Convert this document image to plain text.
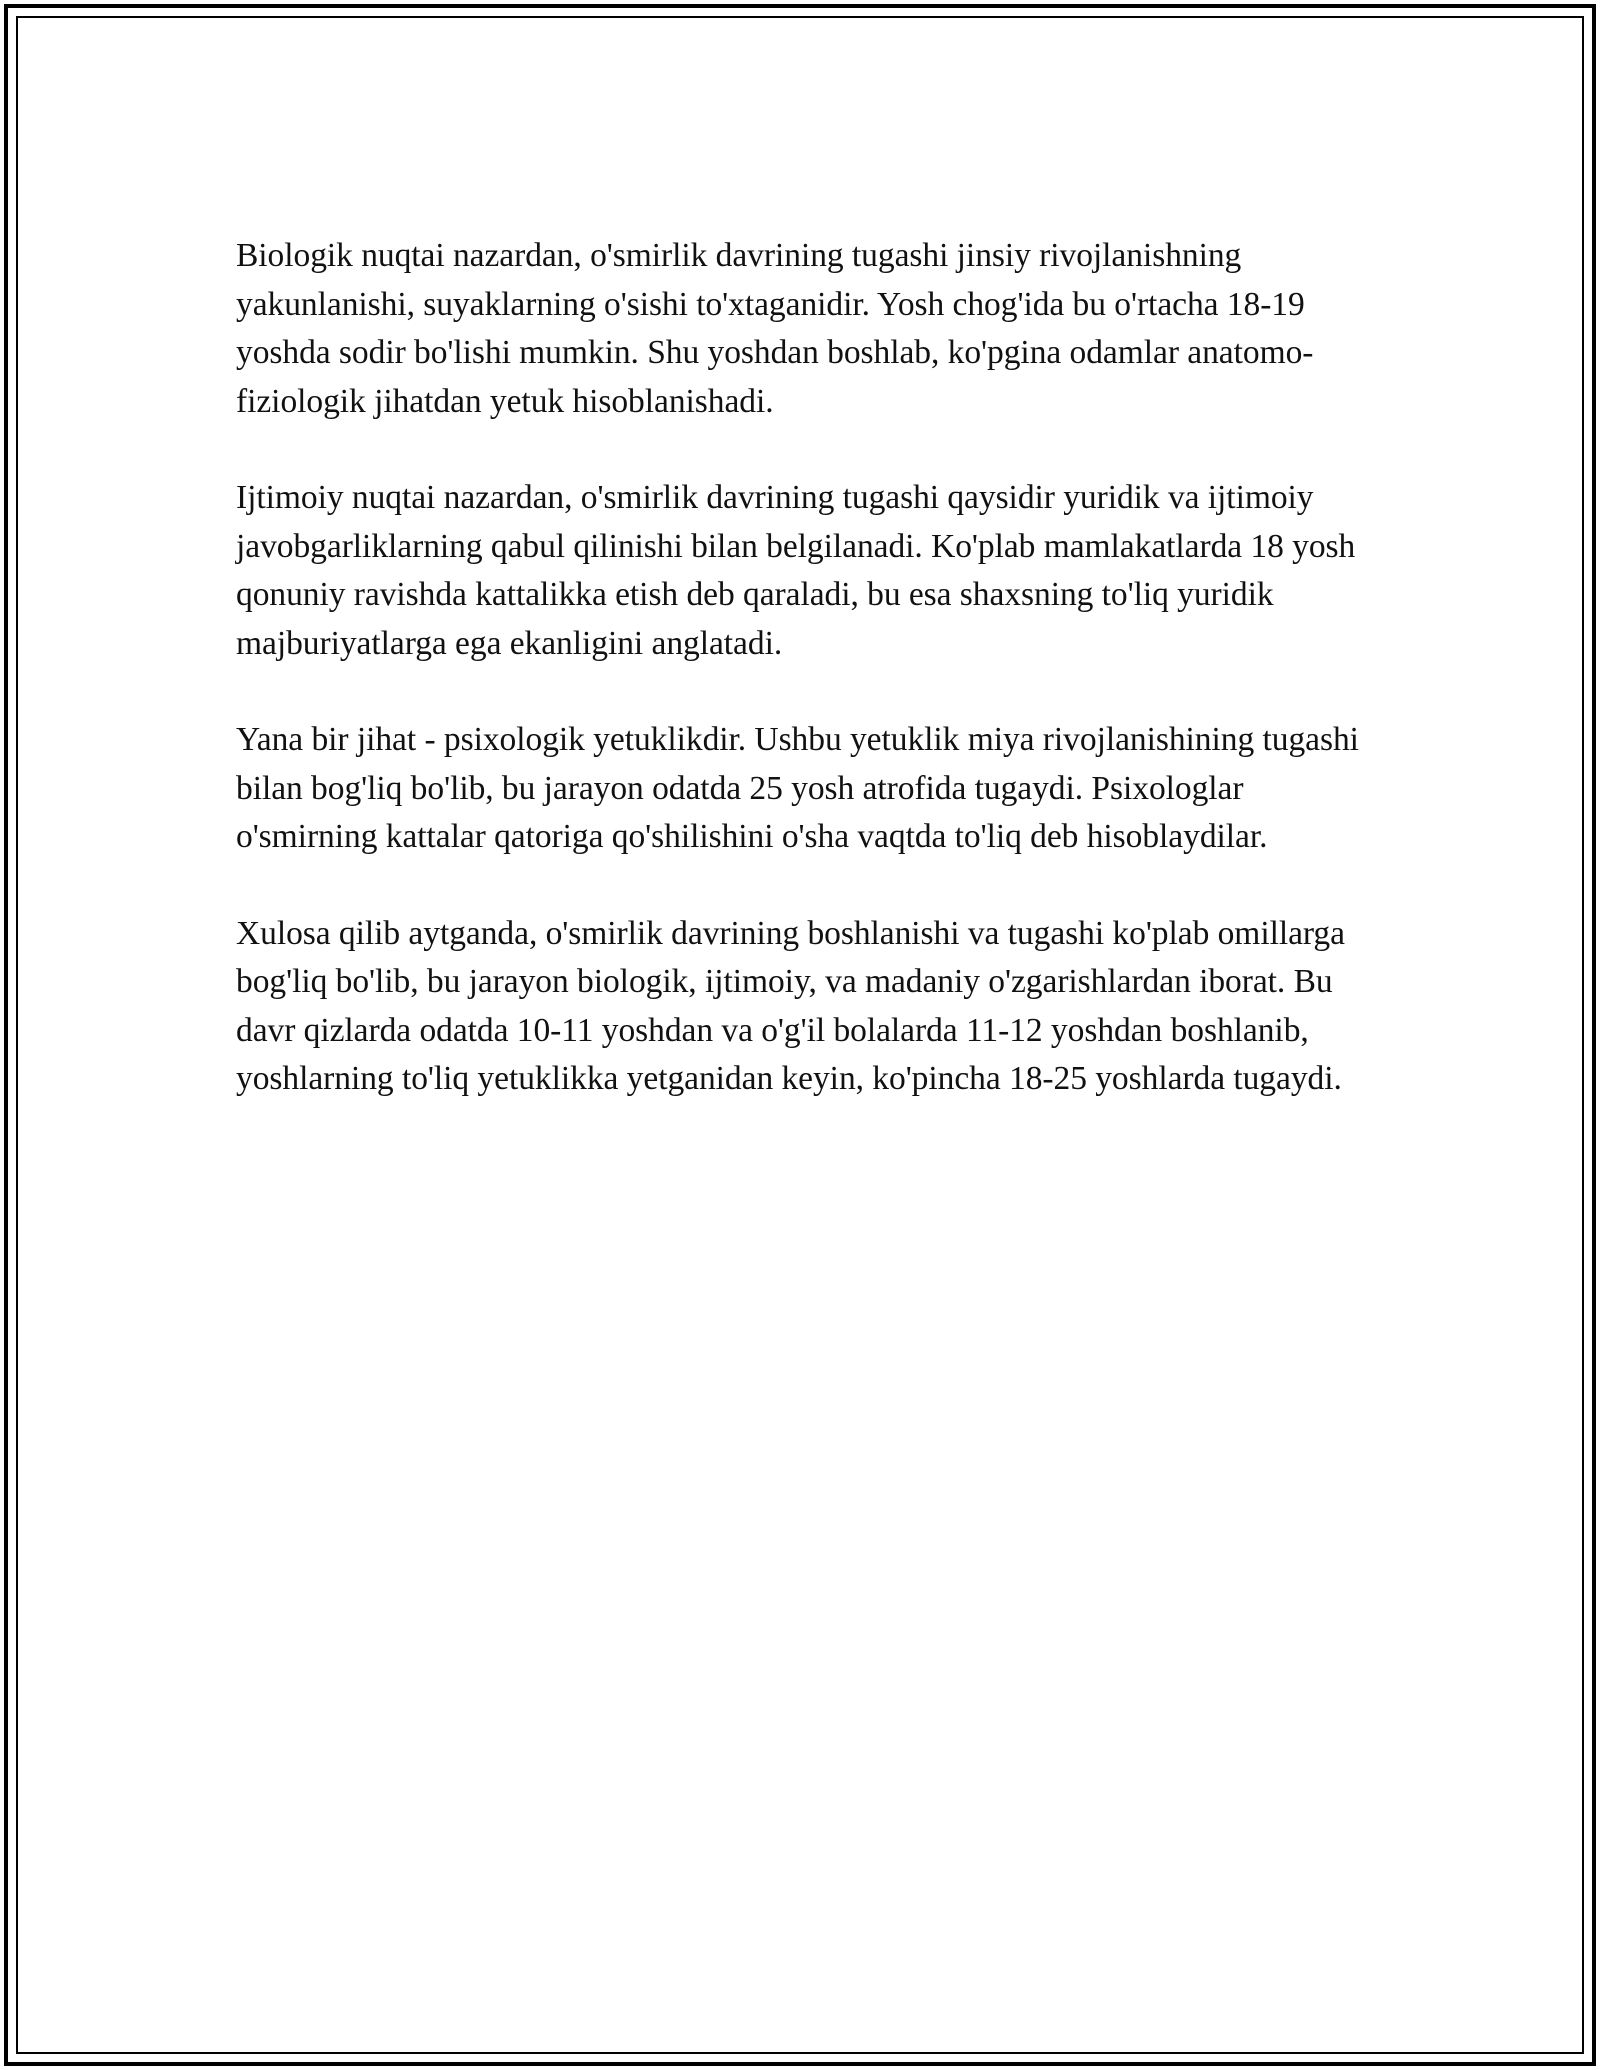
Biologik nuqtai nazardan, o'smirlik davrining tugashi jinsiy rivojlanishning yakunlanishi, suyaklarning o'sishi to'xtaganidir. Yosh chog'ida bu o'rtacha 18-19 yoshda sodir bo'lishi mumkin. Shu yoshdan boshlab, ko'pgina odamlar anatomo-fiziologik jihatdan yetuk hisoblanishadi.

Ijtimoiy nuqtai nazardan, o'smirlik davrining tugashi qaysidir yuridik va ijtimoiy javobgarliklarning qabul qilinishi bilan belgilanadi. Ko'plab mamlakatlarda 18 yosh qonuniy ravishda kattalikka etish deb qaraladi, bu esa shaxsning to'liq yuridik majburiyatlarga ega ekanligini anglatadi.

Yana bir jihat - psixologik yetuklikdir. Ushbu yetuklik miya rivojlanishining tugashi bilan bog'liq bo'lib, bu jarayon odatda 25 yosh atrofida tugaydi. Psixologlar o'smirning kattalar qatoriga qo'shilishini o'sha vaqtda to'liq deb hisoblaydilar.

Xulosa qilib aytganda, o'smirlik davrining boshlanishi va tugashi ko'plab omillarga bog'liq bo'lib, bu jarayon biologik, ijtimoiy, va madaniy o'zgarishlardan iborat. Bu davr qizlarda odatda 10-11 yoshdan va o'g'il bolalarda 11-12 yoshdan boshlanib, yoshlarning to'liq yetuklikka yetganidan keyin, ko'pincha 18-25 yoshlarda tugaydi.
